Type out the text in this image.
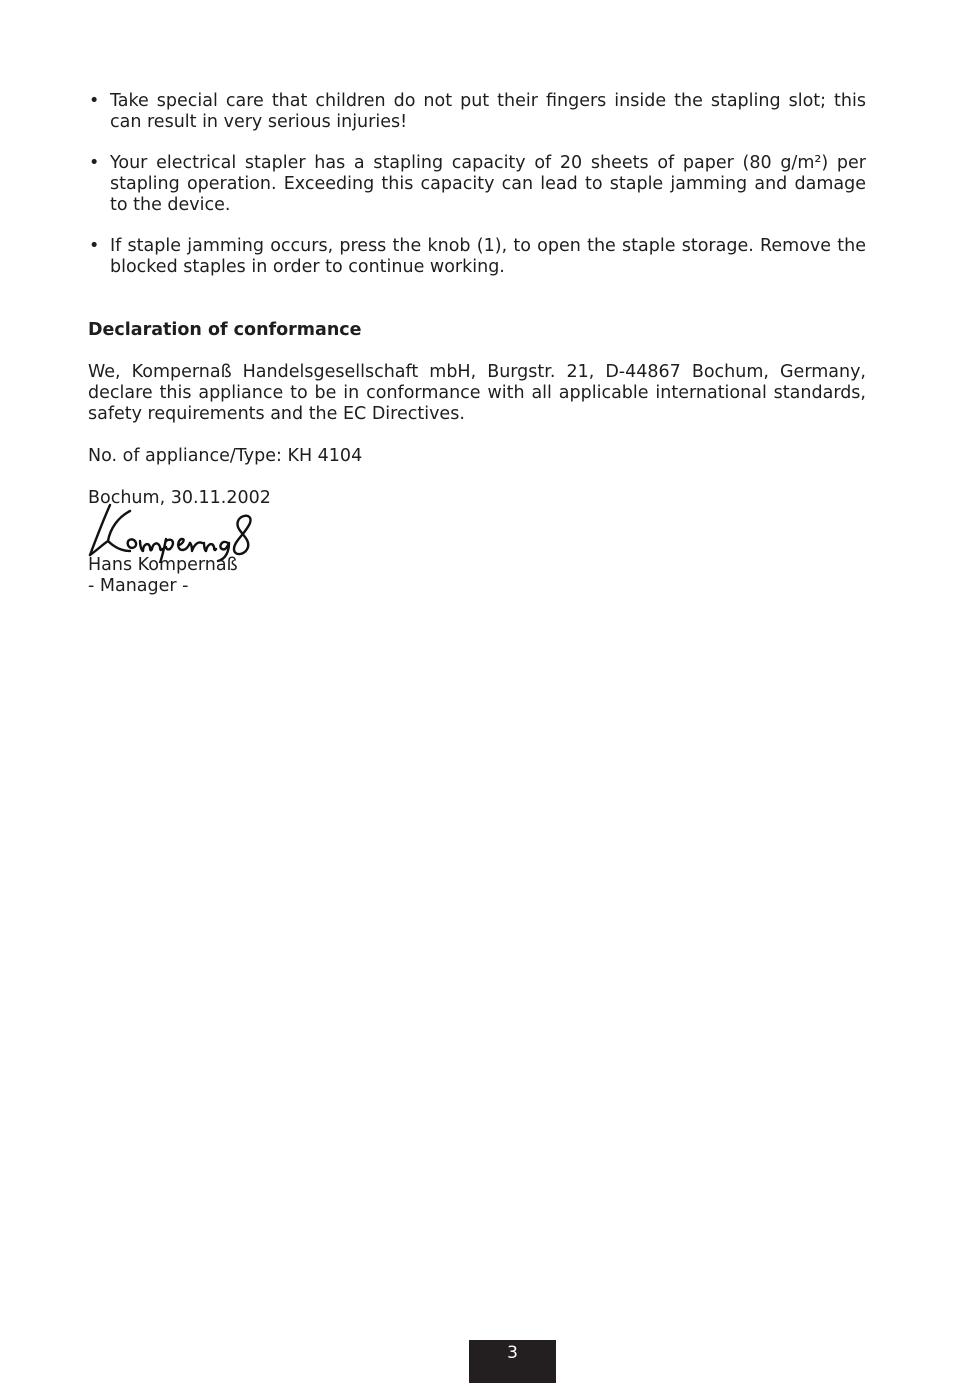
• Take special care that children do not put their fingers inside the stapling slot; this can result in very serious injuries!
• Your electrical stapler has a stapling capacity of 20 sheets of paper (80 g/m²) per stapling operation. Exceeding this capacity can lead to staple jamming and damage to the device.
• If staple jamming occurs, press the knob (1), to open the staple storage. Remove the blocked staples in order to continue working.
Declaration of conformance
We, Kompernaß Handelsgesellschaft mbH, Burgstr. 21, D-44867 Bochum, Germany, declare this appliance to be in conformance with all applicable international standards, safety requirements and the EC Directives.
No. of appliance/Type: KH 4104
Bochum, 30.11.2002
Hans Kompernaß
- Manager -
3
